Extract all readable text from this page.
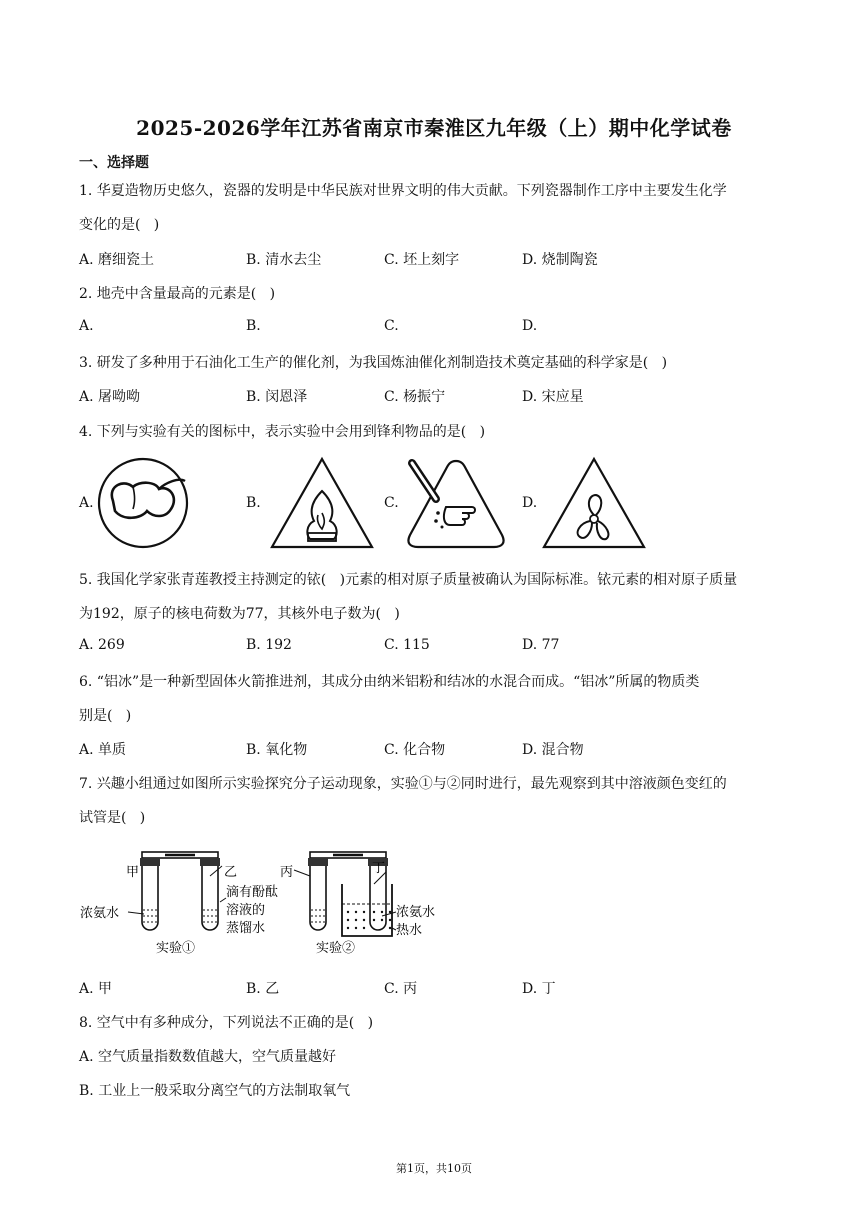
2025-2026学年江苏省南京市秦淮区九年级（上）期中化学试卷
一、选择题
1. 华夏造物历史悠久，瓷器的发明是中华民族对世界文明的伟大贡献。下列瓷器制作工序中主要发生化学
变化的是(   )
A. 磨细瓷土	B. 清水去尘	C. 坯上刻字	D. 烧制陶瓷
2. 地壳中含量最高的元素是(   )
A.	B.	C.	D.
3. 研发了多种用于石油化工生产的催化剂，为我国炼油催化剂制造技术奠定基础的科学家是(   )
A. 屠呦呦	B. 闵恩泽	C. 杨振宁	D. 宋应星
4. 下列与实验有关的图标中，表示实验中会用到锋利物品的是(   )
A.	B.	C.	D.
5. 我国化学家张青莲教授主持测定的铱(   )元素的相对原子质量被确认为国际标准。铱元素的相对原子质量
为192，原子的核电荷数为77，其核外电子数为(   )
A. 269	B. 192	C. 115	D. 77
6. “铝冰”是一种新型固体火箭推进剂，其成分由纳米铝粉和结冰的水混合而成。“铝冰”所属的物质类
别是(   )
A. 单质	B. 氧化物	C. 化合物	D. 混合物
7. 兴趣小组通过如图所示实验探究分子运动现象，实验①与②同时进行，最先观察到其中溶液颜色变红的
试管是(   )
甲	乙
浓氨水
滴有酚酞
溶液的
蒸馏水
实验①
丙	丁
浓氨水
热水
实验②
A. 甲	B. 乙	C. 丙	D. 丁
8. 空气中有多种成分，下列说法不正确的是(   )
A. 空气质量指数数值越大，空气质量越好
B. 工业上一般采取分离空气的方法制取氧气
第1页，共10页
